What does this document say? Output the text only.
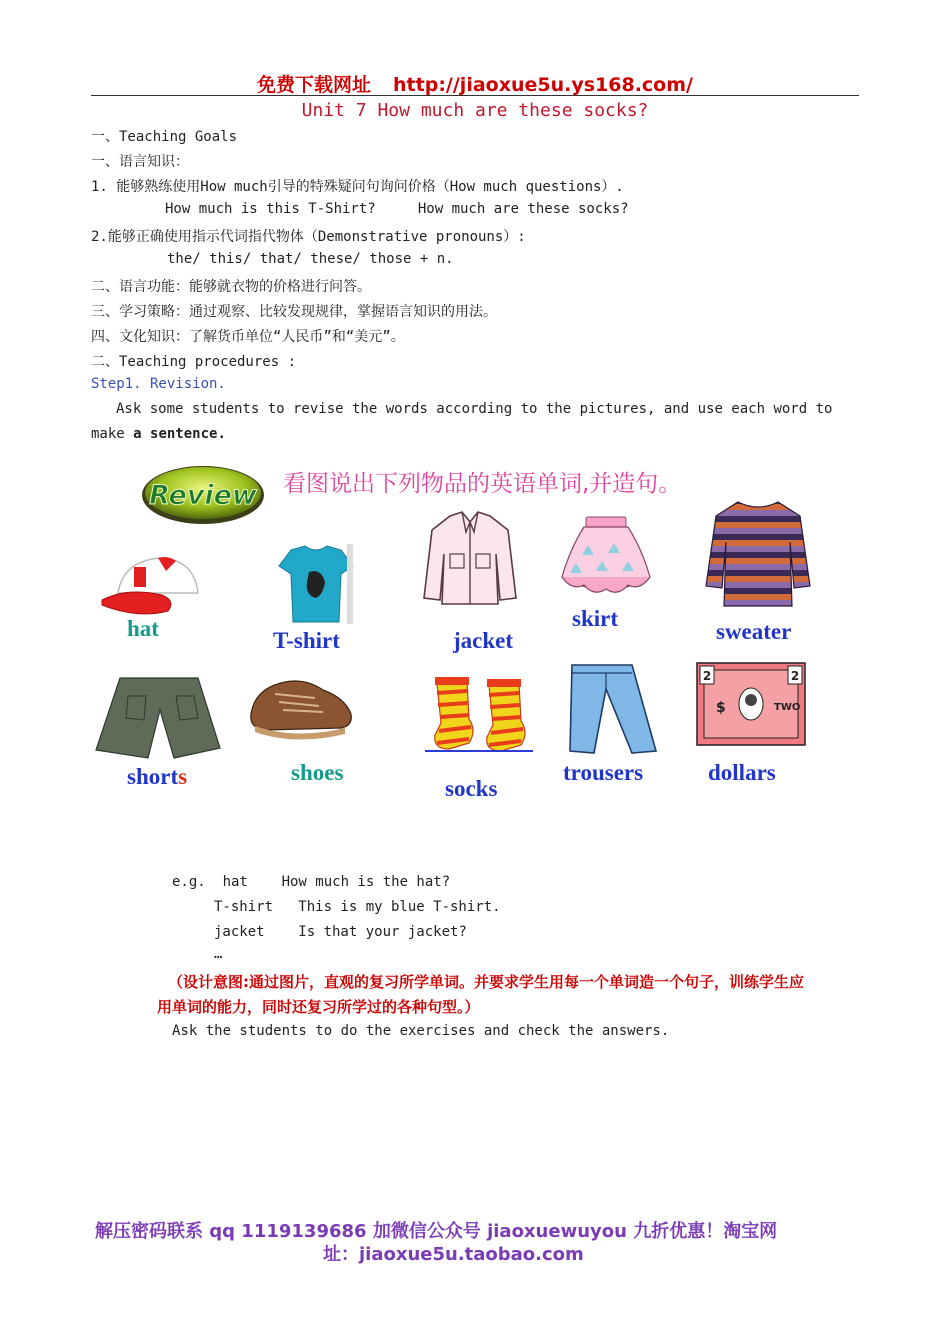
免费下载网址 http://jiaoxue5u.ys168.com/
Unit 7 How much are these socks?
一、Teaching Goals
一、语言知识：
1. 能够熟练使用How much引导的特殊疑问句询问价格（How much questions）.
How much is this T-Shirt?     How much are these socks?
2.能够正确使用指示代词指代物体（Demonstrative pronouns）:
the/ this/ that/ these/ those + n.
二、语言功能：能够就衣物的价格进行问答。
三、学习策略：通过观察、比较发现规律，掌握语言知识的用法。
四、文化知识：了解货币单位“人民币”和“美元”。
二、Teaching procedures :
Step1. Revision.
Ask some students to revise the words according to the pictures, and use each word to
make a sentence.
Review 看图说出下列物品的英语单词,并造句。
hat	T-shirt	jacket
skirt
sweater
2	2
$	TWO
shorts	shoes
socks
trousers	dollars
e.g.  hat    How much is the hat?
T-shirt   This is my blue T-shirt.
jacket    Is that your jacket?
…
（设计意图:通过图片，直观的复习所学单词。并要求学生用每一个单词造一个句子，训练学生应
用单词的能力，同时还复习所学过的各种句型。）
Ask the students to do the exercises and check the answers.
解压密码联系 qq 1119139686 加微信公众号 jiaoxuewuyou 九折优惠！淘宝网
址：jiaoxue5u.taobao.com
